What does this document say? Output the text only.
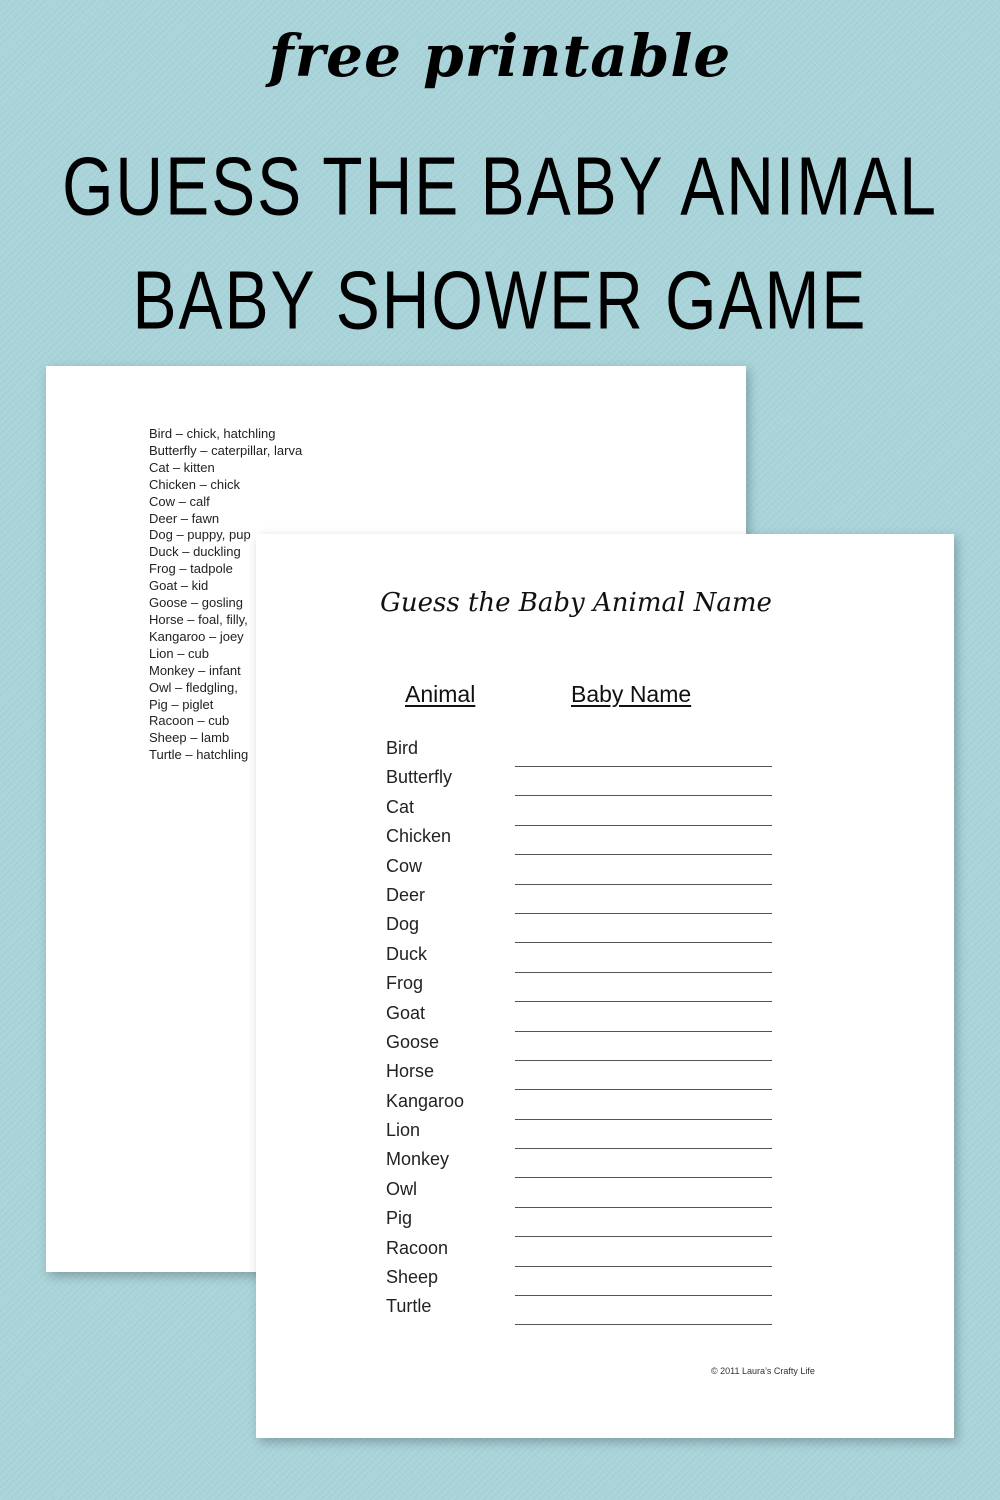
free printable
GUESS THE BABY ANIMAL
BABY SHOWER GAME
Bird – chick, hatchling
Butterfly – caterpillar, larva
Cat – kitten
Chicken – chick
Cow – calf
Deer – fawn
Dog – puppy, pup
Duck – duckling
Frog – tadpole
Goat – kid
Goose – gosling
Horse – foal, filly,
Kangaroo – joey
Lion – cub
Monkey – infant
Owl – fledgling,
Pig – piglet
Racoon – cub
Sheep – lamb
Turtle – hatchling
Guess the Baby Animal Name
Animal	Baby Name
Bird
Butterfly
Cat
Chicken
Cow
Deer
Dog
Duck
Frog
Goat
Goose
Horse
Kangaroo
Lion
Monkey
Owl
Pig
Racoon
Sheep
Turtle
© 2011 Laura’s Crafty Life
